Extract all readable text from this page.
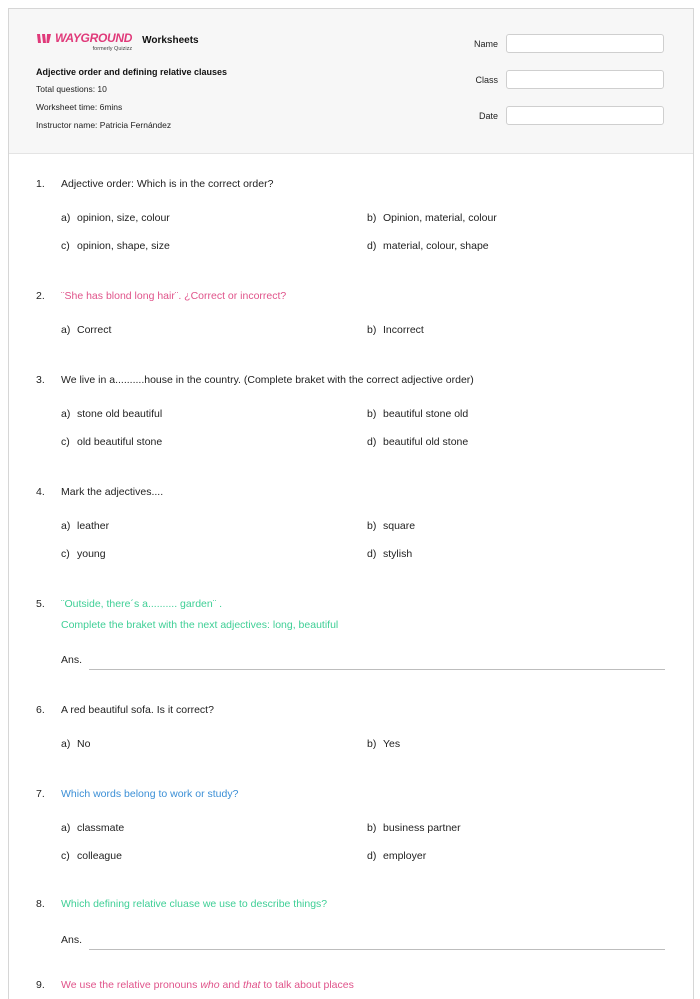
WAYGROUND
formerly Quizizz
Worksheets
Adjective order and defining relative clauses
Total questions: 10
Worksheet time: 6mins
Instructor name: Patricia Fernández
Name
Class
Date
1.	Adjective order: Which is in the correct order?
a) opinion, size, colour	b) Opinion, material, colour
c) opinion, shape, size	d) material, colour, shape
2.	¨She has blond long hair¨. ¿Correct or incorrect?
a) Correct	b) Incorrect
3.	We live in a..........house in the country. (Complete braket with the correct adjective order)
a) stone old beautiful	b) beautiful stone old
c) old beautiful stone	d) beautiful old stone
4.	Mark the adjectives....
a) leather	b) square
c) young	d) stylish
5.	¨Outside, there´s a.......... garden¨ .
Complete the braket with the next adjectives: long, beautiful
Ans.
6.	A red beautiful sofa. Is it correct?
a) No	b) Yes
7.	Which words belong to work or study?
a) classmate	b) business partner
c) colleague	d) employer
8.	Which defining relative cluase we use to describe things?
Ans.
9.	We use the relative pronouns who and that to talk about places
